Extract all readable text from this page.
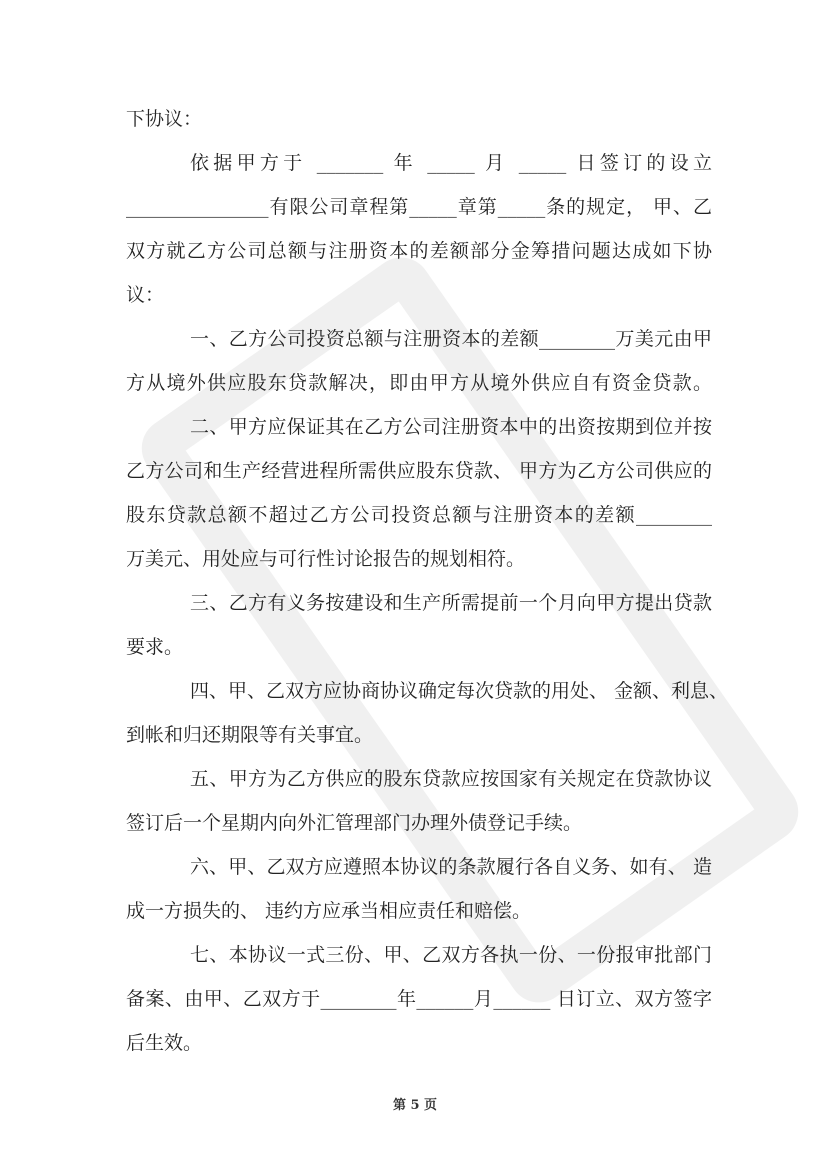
下协议：
依据甲方于 _______ 年 _____ 月 _____ 日签订的设立
_______________有限公司章程第_____章第_____条的规定， 甲、乙
双方就乙方公司总额与注册资本的差额部分金筹措问题达成如下协
议：
一、乙方公司投资总额与注册资本的差额________万美元由甲
方从境外供应股东贷款解决，即由甲方从境外供应自有资金贷款。
二、甲方应保证其在乙方公司注册资本中的出资按期到位并按
乙方公司和生产经营进程所需供应股东贷款、 甲方为乙方公司供应的
股东贷款总额不超过乙方公司投资总额与注册资本的差额________
万美元、用处应与可行性讨论报告的规划相符。
三、乙方有义务按建设和生产所需提前一个月向甲方提出贷款
要求。
四、甲、乙双方应协商协议确定每次贷款的用处、 金额、利息、
到帐和归还期限等有关事宜。
五、甲方为乙方供应的股东贷款应按国家有关规定在贷款协议
签订后一个星期内向外汇管理部门办理外债登记手续。
六、甲、乙双方应遵照本协议的条款履行各自义务、如有、 造
成一方损失的、 违约方应承当相应责任和赔偿。
七、本协议一式三份、甲、乙双方各执一份、一份报审批部门
备案、由甲、乙双方于________年______月______ 日订立、双方签字
后生效。
第 5 页
